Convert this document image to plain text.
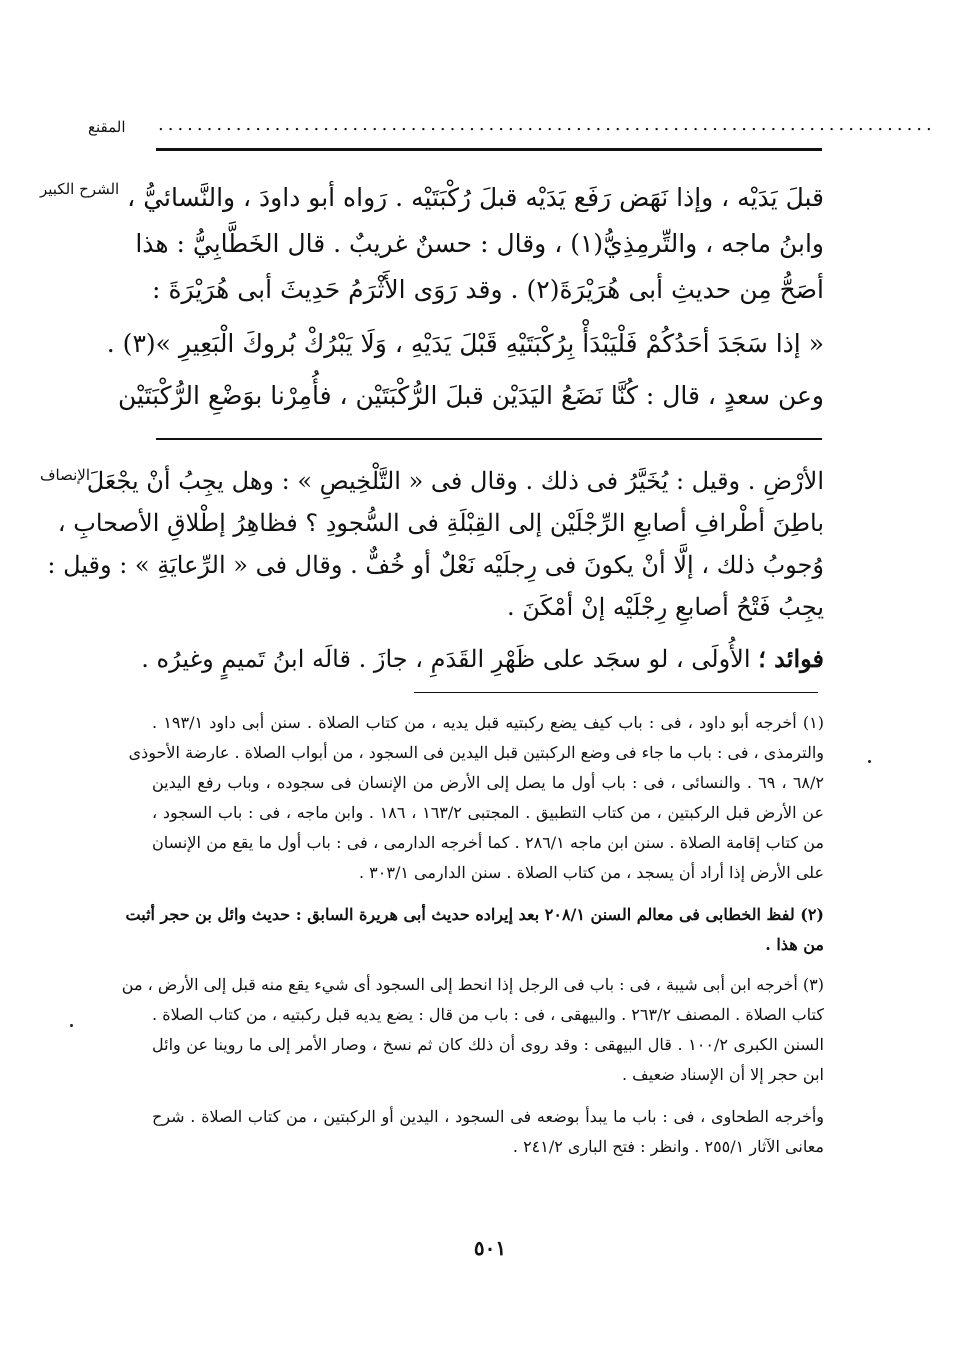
المقنع ................................................................................
الشرح الكبير قبلَ يَدَيْه ، وإذا نَهَض رَفَع يَدَيْه قبلَ رُكْبَتَيْه . رَواه أبو داودَ ، والنَّسائيُّ ،
وابنُ ماجه ، والتِّرمِذِيُّ(١) ، وقال : حسنٌ غريبٌ . قال الخَطَّابِيُّ : هذا
أصَحُّ مِن حديثِ أبى هُرَيْرَةَ(٢) . وقد رَوَى الأَثْرَمُ حَدِيثَ أبى هُرَيْرَةَ :
« إذا سَجَدَ أحَدُكُمْ فَلْيَبْدَأْ بِرُكْبَتَيْهِ قَبْلَ يَدَيْهِ ، وَلَا يَبْرُكْ بُروكَ الْبَعِيرِ »(٣) .
وعن سعدٍ ، قال : كُنَّا نَضَعُ اليَدَيْن قبلَ الرُّكْبَتَيْن ، فأُمِرْنا بوَضْعِ الرُّكْبَتَيْن
الإنصاف
الأرْضِ . وقيل : يُخَيَّرُ فى ذلك . وقال فى « التَّلْخِيصِ » : وهل يجِبُ أنْ يجْعَلَ
باطِنَ أطْرافِ أصابعِ الرِّجْلَيْن إلى القِبْلَةِ فى السُّجودِ ؟ فظاهِرُ إطْلاقِ الأصحابِ ،
وُجوبُ ذلك ، إلَّا أنْ يكونَ فى رِجلَيْه نَعْلٌ أو خُفٌّ . وقال فى « الرِّعايَةِ » : وقيل :
يجِبُ فَتْحُ أصابعِ رِجْلَيْه إنْ أمْكَنَ .
فوائد ؛ الأُولَى ، لو سجَد على ظَهْرِ القَدَمِ ، جازَ . قالَه ابنُ تَميمٍ وغيرُه .
(١) أخرجه أبو داود ، فى : باب كيف يضع ركبتيه قبل يديه ، من كتاب الصلاة . سنن أبى داود ١٩٣/١ .
والترمذى ، فى : باب ما جاء فى وضع الركبتين قبل اليدين فى السجود ، من أبواب الصلاة . عارضة الأحوذى
٦٨/٢ ، ٦٩ . والنسائى ، فى : باب أول ما يصل إلى الأرض من الإنسان فى سجوده ، وباب رفع اليدين
عن الأرض قبل الركبتين ، من كتاب التطبيق . المجتبى ١٦٣/٢ ، ١٨٦ . وابن ماجه ، فى : باب السجود ،
من كتاب إقامة الصلاة . سنن ابن ماجه ٢٨٦/١ . كما أخرجه الدارمى ، فى : باب أول ما يقع من الإنسان
على الأرض إذا أراد أن يسجد ، من كتاب الصلاة . سنن الدارمى ٣٠٣/١ .
(٢) لفظ الخطابى فى معالم السنن ٢٠٨/١ بعد إيراده حديث أبى هريرة السابق : حديث وائل بن حجر أثبت
من هذا .
(٣) أخرجه ابن أبى شيبة ، فى : باب فى الرجل إذا انحط إلى السجود أى شيء يقع منه قبل إلى الأرض ، من
كتاب الصلاة . المصنف ٢٦٣/٢ . والبيهقى ، فى : باب من قال : يضع يديه قبل ركبتيه ، من كتاب الصلاة .
السنن الكبرى ١٠٠/٢ . قال البيهقى : وقد روى أن ذلك كان ثم نسخ ، وصار الأمر إلى ما روينا عن وائل
ابن حجر إلا أن الإسناد ضعيف .
وأخرجه الطحاوى ، فى : باب ما يبدأ بوضعه فى السجود ، اليدين أو الركبتين ، من كتاب الصلاة . شرح
معانى الآثار ٢٥٥/١ . وانظر : فتح البارى ٢٤١/٢ .
٥٠١
